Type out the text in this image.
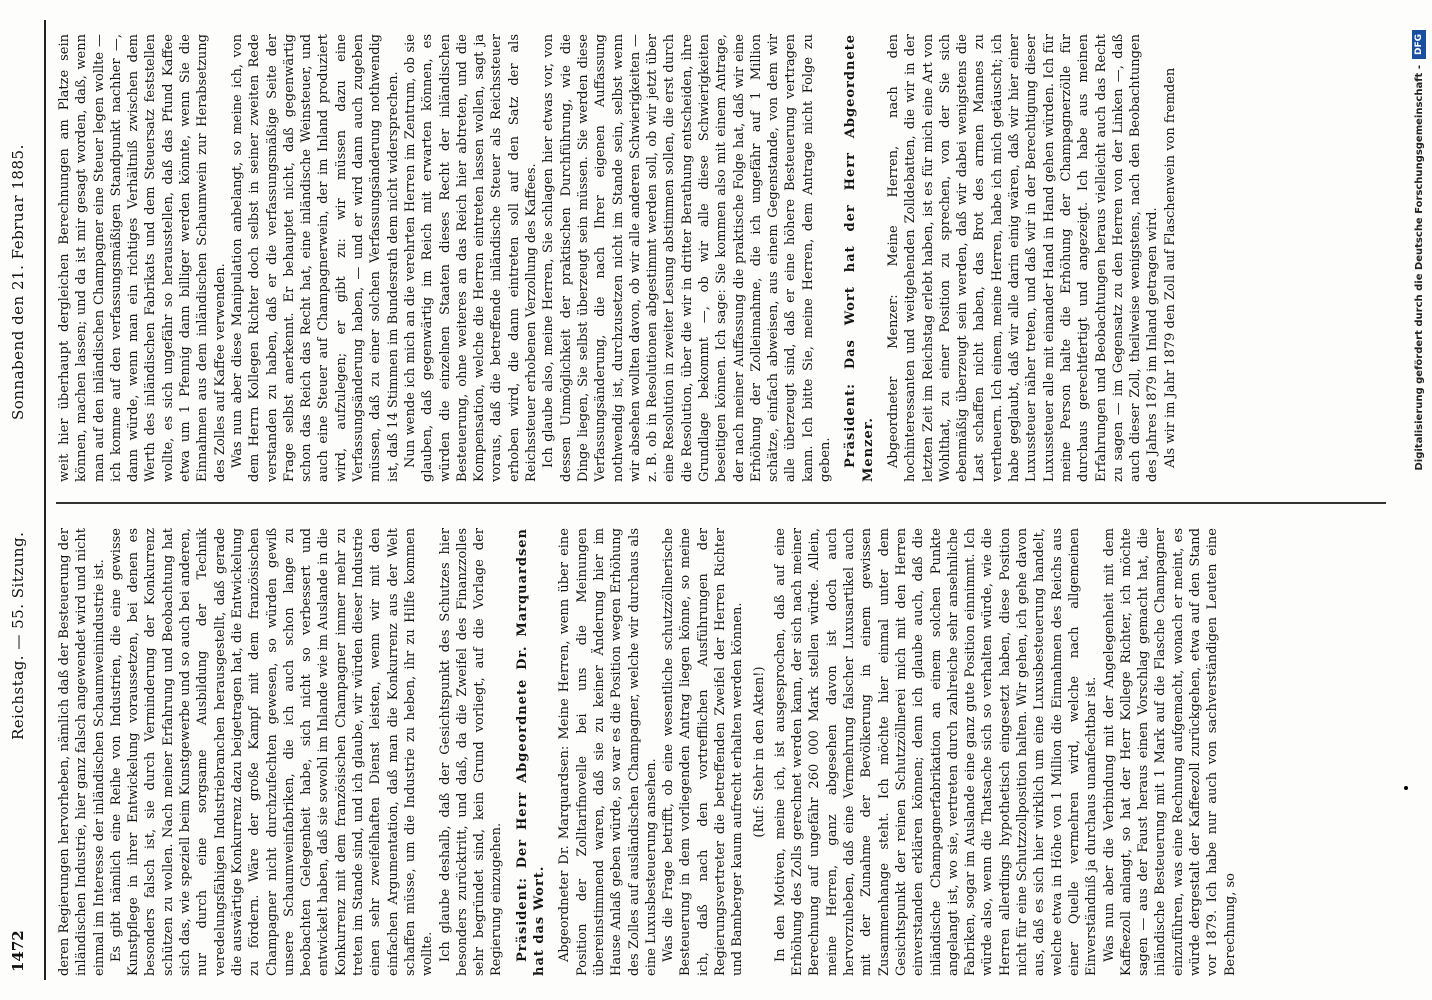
1472
Reichstag. — 55. Sitzung.
Sonnabend den 21. Februar 1885.

deren Regierungen hervorheben, nämlich daß der Besteuerung der inländischen Industrie, hier ganz falsch angewendet wird und nicht einmal im Interesse der inländischen Schaumweinindustrie ist. Es gibt nämlich eine Reihe von Industrien, die eine gewisse Kunstpflege in ihrer Entwickelung voraussetzen, bei denen es besonders falsch ist, sie durch Verminderung der Konkurrenz schützen zu wollen. Nach meiner Erfahrung und Beobachtung hat sich das, wie speziell beim Kunstgewerbe und so auch bei anderen, nur durch eine sorgsame Ausbildung der Technik veredelungsfähigen Industriebranchen herausgestellt, daß gerade die auswärtige Konkurrenz dazu beigetragen hat, die Entwickelung zu fördern. Wäre der große Kampf mit dem französischen Champagner nicht durchzufechten gewesen, so würden gewiß unsere Schaumweinfabriken, die ich auch schon lange zu beobachten Gelegenheit habe, sich nicht so verbessert und entwickelt haben, daß sie sowohl im Inlande wie im Auslande in die Konkurrenz mit dem französischen Champagner immer mehr zu treten im Stande sind, und ich glaube, wir würden dieser Industrie einen sehr zweifelhaften Dienst leisten, wenn wir mit den einfachen Argumentation, daß man die Konkurrenz aus der Welt schaffen müsse, um die Industrie zu heben, ihr zu Hilfe kommen wollte. Ich glaube deshalb, daß der Gesichtspunkt des Schutzes hier besonders zurücktritt, und daß, da die Zweifel des Finanzzolles sehr begründet sind, kein Grund vorliegt, auf die Vorlage der Regierung einzugehen. Präsident: Der Herr Abgeordnete Dr. Marquardsen hat das Wort. Abgeordneter Dr. Marquardsen: Meine Herren, wenn über eine Position der Zolltarifnovelle bei uns die Meinungen übereinstimmend waren, daß sie zu keiner Änderung hier im Hause Anlaß geben würde, so war es die Position wegen Erhöhung des Zolles auf ausländischen Champagner, welche wir durchaus als eine Luxusbesteuerung ansehen. Was die Frage betrifft, ob eine wesentliche schutzzöllnerische Besteuerung in dem vorliegenden Antrag liegen könne, so meine ich, daß nach den vortrefflichen Ausführungen der Regierungsvertreter die betreffenden Zweifel der Herren Richter und Bamberger kaum aufrecht erhalten werden können. (Ruf: Stehr in den Akten!) In den Motiven, meine ich, ist ausgesprochen, daß auf eine Erhöhung des Zolls gerechnet werden kann, der sich nach meiner Berechnung auf ungefähr 260 000 Mark stellen würde. Allein, meine Herren, ganz abgesehen davon ist doch auch hervorzuheben, daß eine Vermehrung falscher Luxusartikel auch mit der Zunahme der Bevölkerung in einem gewissen Zusammenhange steht. Ich möchte hier einmal unter dem Gesichtspunkt der reinen Schutzzöllnerei mich mit den Herren einverstanden erklären können; denn ich glaube auch, daß die inländische Champagnerfabrikation an einem solchen Punkte angelangt ist, wo sie, vertreten durch zahlreiche sehr ansehnliche Fabriken, sogar im Auslande eine ganz gute Position einnimmt. Ich würde also, wenn die Thatsache sich so verhalten würde, wie die Herren allerdings hypothetisch eingesetzt haben, diese Position nicht für eine Schutzzollposition halten. Wir gehen, ich gehe davon aus, daß es sich hier wirklich um eine Luxusbesteuerung handelt, welche etwa in Höhe von 1 Million die Einnahmen des Reichs aus einer Quelle vermehren wird, welche nach allgemeinen Einverständniß ja durchaus unanfechtbar ist. Was nun aber die Verbindung mit der Angelegenheit mit dem Kaffeezoll anlangt, so hat der Herr Kollege Richter, ich möchte sagen — aus der Faust heraus einen Vorschlag gemacht hat, die inländische Besteuerung mit 1 Mark auf die Flasche Champagner einzuführen, was eine Rechnung aufgemacht, wonach er meint, es würde dergestalt der Kaffeezoll zurückgehen, etwa auf den Stand vor 1879. Ich habe nur auch von sachverständigen Leuten eine Berechnung, so

weit hier überhaupt dergleichen Berechnungen am Platze sein können, machen lassen; und da ist mir gesagt worden, daß, wenn man auf den inländischen Champagner eine Steuer legen wollte — ich komme auf den verfassungsmäßigen Standpunkt nachher —, dann würde, wenn man ein richtiges Verhältniß zwischen dem Werth des inländischen Fabrikats und dem Steuersatz feststellen wollte, es sich ungefähr so herausstellen, daß das Pfund Kaffee etwa um 1 Pfennig dann billiger werden könnte, wenn Sie die Einnahmen aus dem inländischen Schaumwein zur Herabsetzung des Zolles auf Kaffee verwenden. Was nun aber diese Manipulation anbelangt, so meine ich, von dem Herrn Kollegen Richter doch selbst in seiner zweiten Rede verstanden zu haben, daß er die verfassungsmäßige Seite der Frage selbst anerkennt. Er behauptet nicht, daß gegenwärtig schon das Reich das Recht hat, eine inländische Weinsteuer, und auch eine Steuer auf Champagnerwein, der im Inland produziert wird, aufzulegen; er gibt zu: wir müssen dazu eine Verfassungsänderung haben, — und er wird dann auch zugeben müssen, daß zu einer solchen Verfassungsänderung nothwendig ist, daß 14 Stimmen im Bundesrath dem nicht widersprechen. Nun wende ich mich an die verehrten Herren im Zentrum, ob sie glauben, daß gegenwärtig im Reich mit erwarten können, es würden die einzelnen Staaten dieses Recht der inländischen Besteuerung, ohne weiteres an das Reich hier abtreten, und die Kompensation, welche die Herren eintreten lassen wollen, sagt ja voraus, daß die betreffende inländische Steuer als Reichssteuer erhoben wird, die dann eintreten soll auf den Satz der als Reichssteuer erhobenen Verzollung des Kaffees. Ich glaube also, meine Herren, Sie schlagen hier etwas vor, von dessen Unmöglichkeit der praktischen Durchführung, wie die Dinge liegen, Sie selbst überzeugt sein müssen. Sie werden diese Verfassungsänderung, die nach Ihrer eigenen Auffassung nothwendig ist, durchzusetzen nicht im Stande sein, selbst wenn wir absehen wollten davon, ob wir alle anderen Schwierigkeiten — z. B. ob in Resolutionen abgestimmt werden soll, ob wir jetzt über eine Resolution in zweiter Lesung abstimmen sollen, die erst durch die Resolution, über die wir in dritter Berathung entscheiden, ihre Grundlage bekommt —, ob wir alle diese Schwierigkeiten beseitigen können. Ich sage: Sie kommen also mit einem Antrage, der nach meiner Auffassung die praktische Folge hat, daß wir eine Erhöhung der Zolleinnahme, die ich ungefähr auf 1 Million schätze, einfach abweisen, aus einem Gegenstande, von dem wir alle überzeugt sind, daß er eine höhere Besteuerung vertragen kann. Ich bitte Sie, meine Herren, dem Antrage nicht Folge zu geben. Präsident: Das Wort hat der Herr Abgeordnete Menzer. Abgeordneter Menzer: Meine Herren, nach den hochinteressanten und weitgehenden Zolldebatten, die wir in der letzten Zeit im Reichstag erlebt haben, ist es für mich eine Art von Wohlthat, zu einer Position zu sprechen, von der Sie sich ebenmäßig überzeugt sein werden, daß wir dabei wenigstens die Last schaffen nicht haben, das Brot des armen Mannes zu vertheuern. Ich einem, meine Herren, habe ich mich getäuscht; ich habe geglaubt, daß wir alle darin einig wären, daß wir hier einer Luxussteuer näher treten, und daß wir in der Berechtigung dieser Luxussteuer alle mit einander Hand in Hand gehen würden. Ich für meine Person halte die Erhöhung der Champagnerzölle für durchaus gerechtfertigt und angezeigt. Ich habe aus meinen Erfahrungen und Beobachtungen heraus vielleicht auch das Recht zu sagen — im Gegensatz zu den Herren von der Linken —, daß auch dieser Zoll, theilweise wenigstens, nach den Beobachtungen des Jahres 1879 im Inland getragen wird. Als wir im Jahr 1879 den Zoll auf Flaschenwein von fremden	Digitalisierung gefördert durch die Deutsche Forschungsgemeinschaft -DFG
